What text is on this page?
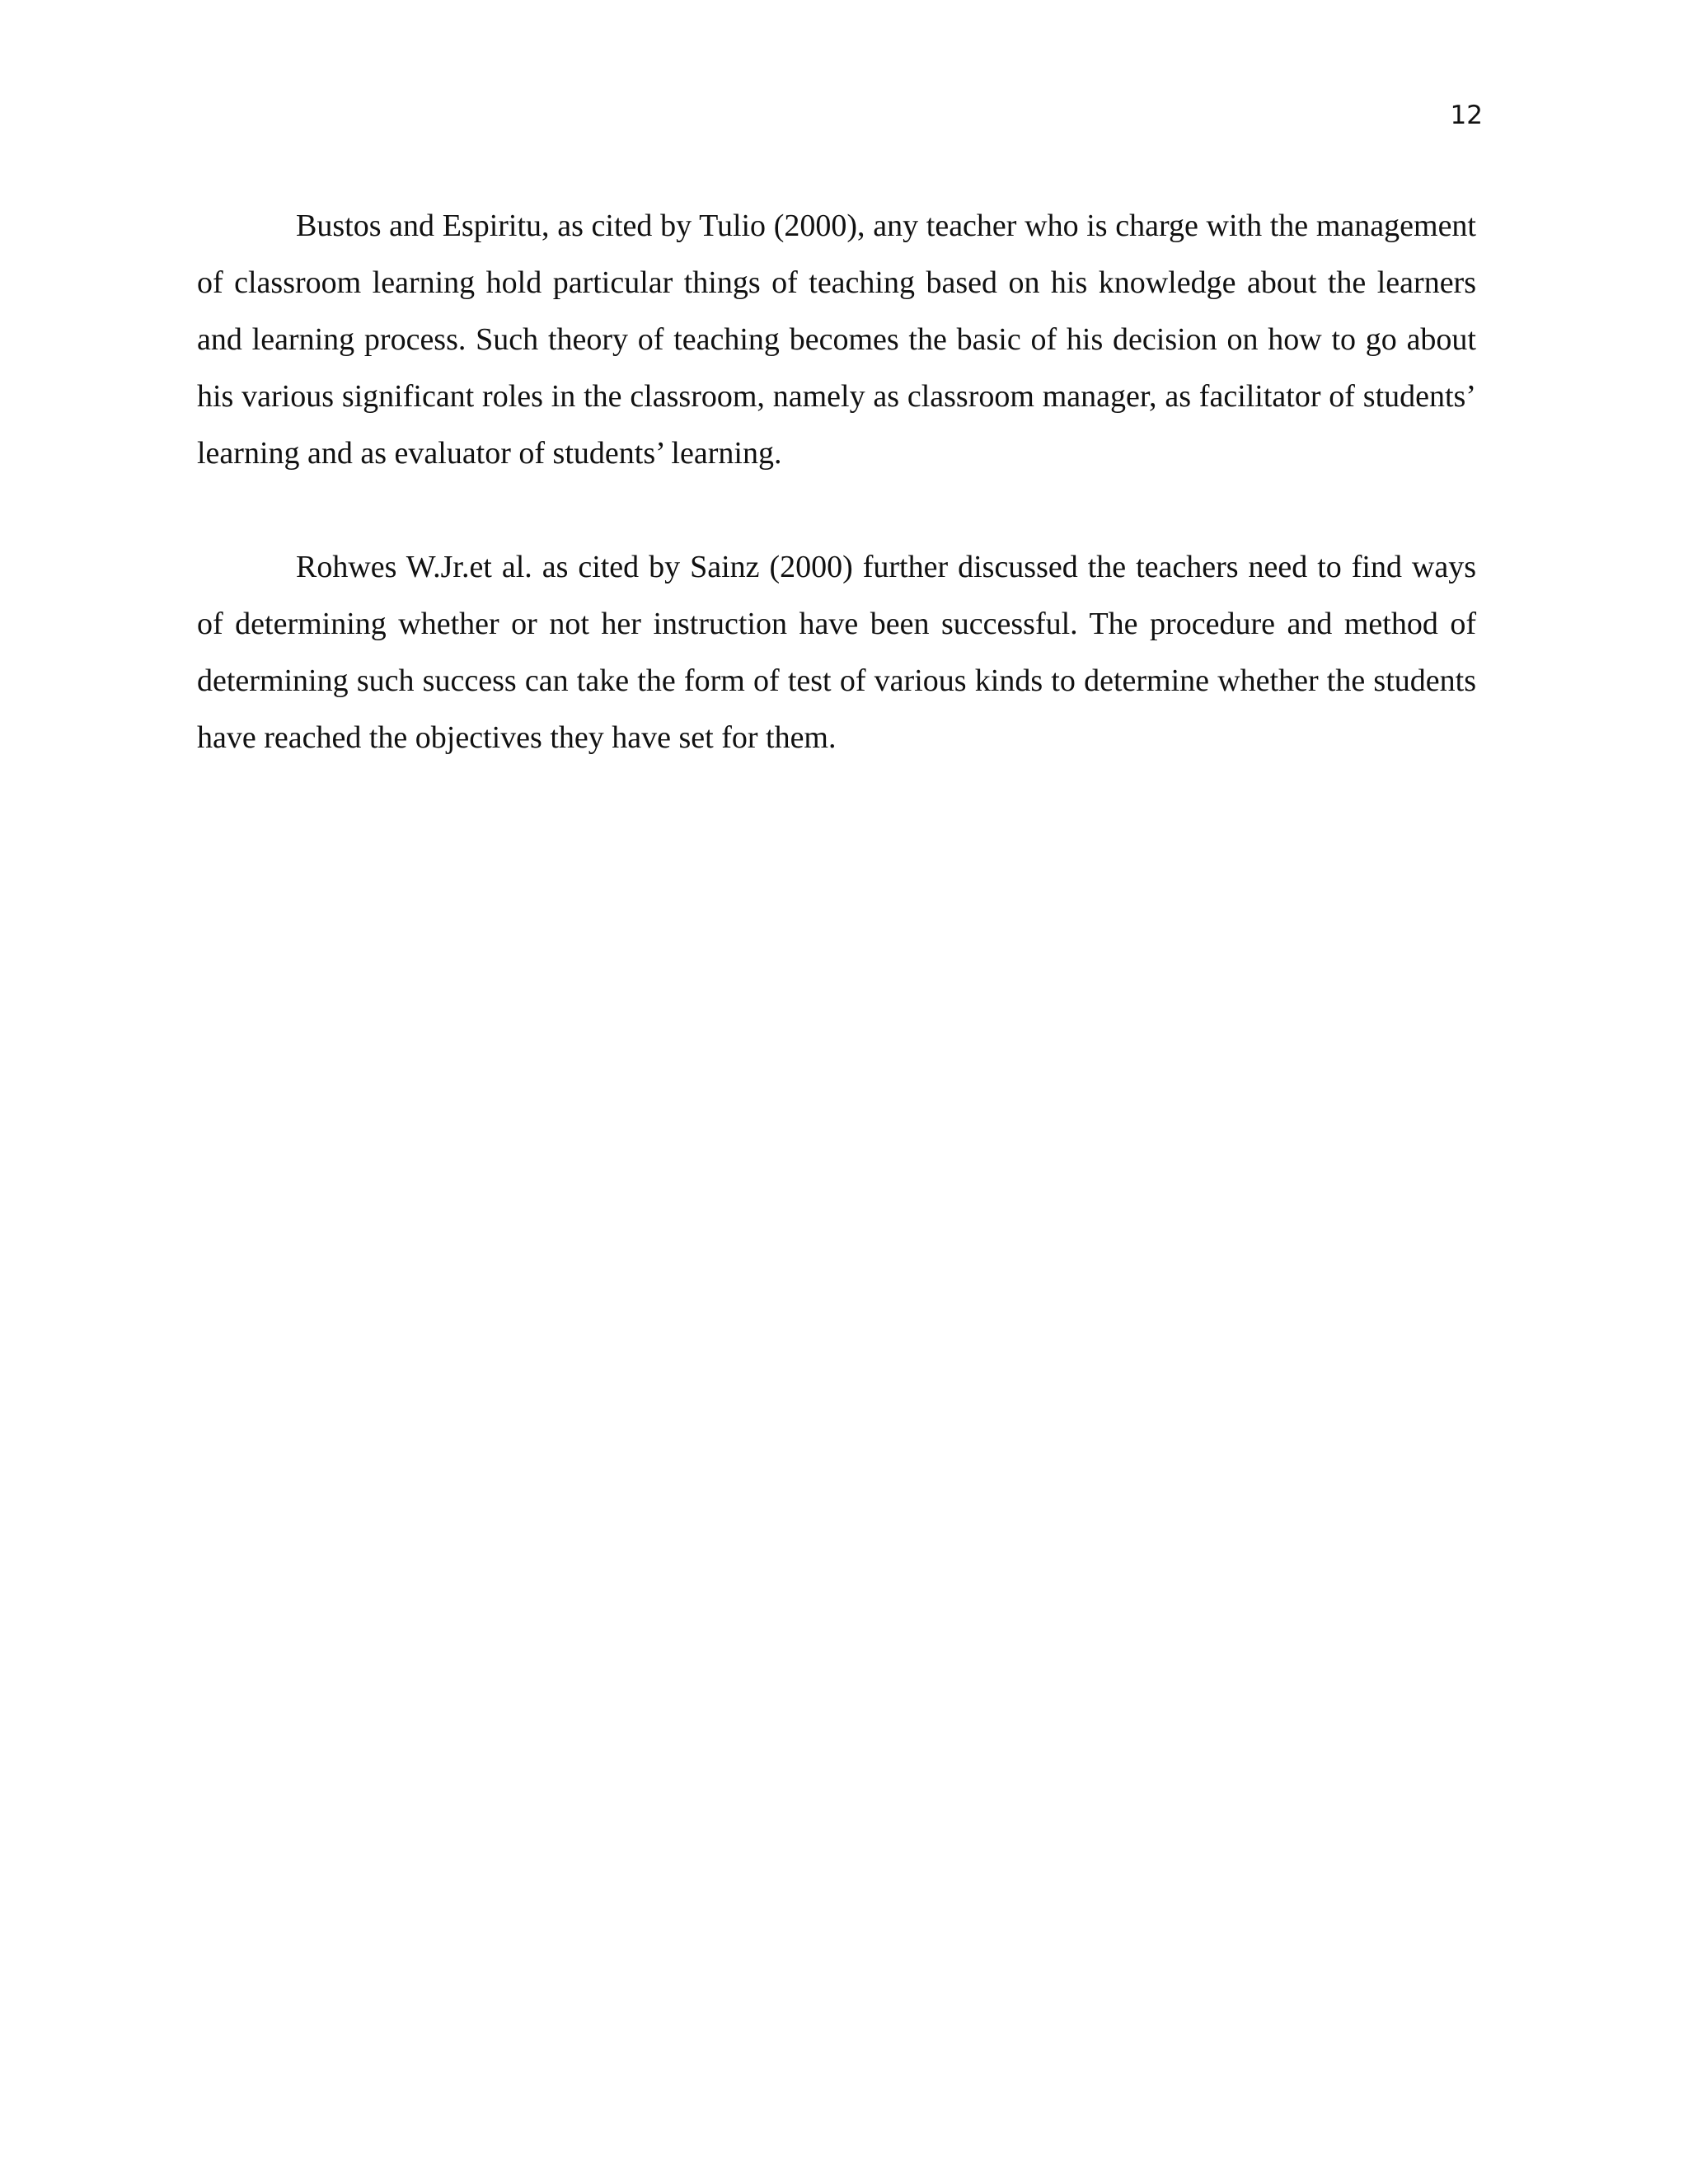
12

Bustos and Espiritu, as cited by Tulio (2000), any teacher who is charge with the management of classroom learning hold particular things of teaching based on his knowledge about the learners and learning process. Such theory of teaching becomes the basic of his decision on how to go about his various significant roles in the classroom, namely as classroom manager, as facilitator of students’ learning and as evaluator of students’ learning.

Rohwes W.Jr.et al. as cited by Sainz (2000) further discussed the teachers need to find ways of determining whether or not her instruction have been successful. The procedure and method of determining such success can take the form of test of various kinds to determine whether the students have reached the objectives they have set for them.
